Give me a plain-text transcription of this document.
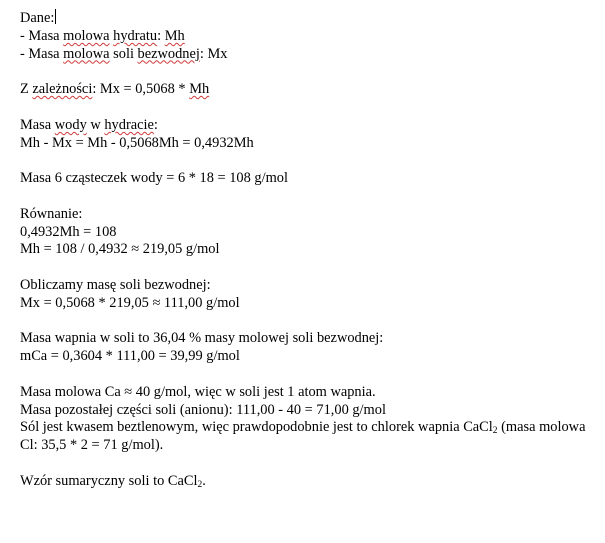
Dane:
- Masa molowa hydratu: Mh
- Masa molowa soli bezwodnej: Mx
Z zależności: Mx = 0,5068 * Mh
Masa wody w hydracie:
Mh - Mx = Mh - 0,5068Mh = 0,4932Mh
Masa 6 cząsteczek wody = 6 * 18 = 108 g/mol
Równanie:
0,4932Mh = 108
Mh = 108 / 0,4932 ≈ 219,05 g/mol
Obliczamy masę soli bezwodnej:
Mx = 0,5068 * 219,05 ≈ 111,00 g/mol
Masa wapnia w soli to 36,04 % masy molowej soli bezwodnej:
mCa = 0,3604 * 111,00 = 39,99 g/mol
Masa molowa Ca ≈ 40 g/mol, więc w soli jest 1 atom wapnia.
Masa pozostałej części soli (anionu): 111,00 - 40 = 71,00 g/mol
Sól jest kwasem beztlenowym, więc prawdopodobnie jest to chlorek wapnia CaCl$_2$ (masa molowa Cl: 35,5 * 2 = 71 g/mol).
Wzór sumaryczny soli to CaCl$_2$.
